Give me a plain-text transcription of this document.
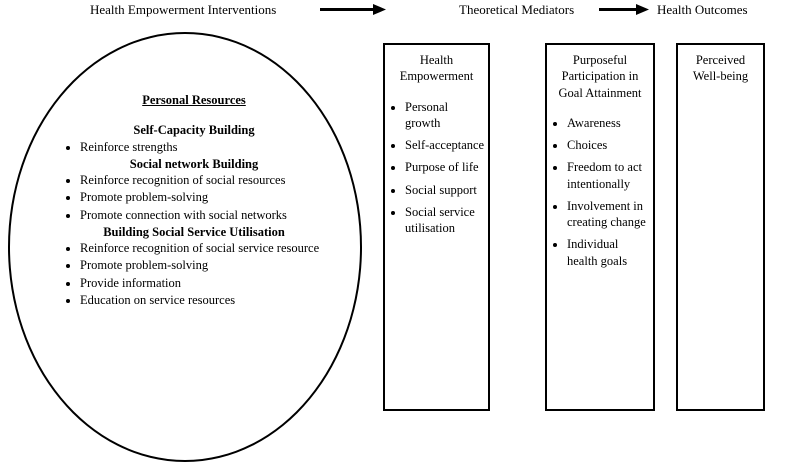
Health Empowerment Interventions	Theoretical Mediators	Health Outcomes
Personal Resources
Self-Capacity Building
• Reinforce strengths
Social network Building
• Reinforce recognition of social resources
• Promote problem-solving
• Promote connection with social networks
Building Social Service Utilisation
• Reinforce recognition of social service resource
• Promote problem-solving
• Provide information
• Education on service resources
Health Empowerment
• Personal growth
• Self-acceptance
• Purpose of life
• Social support
• Social service utilisation
Purposeful Participation in Goal Attainment
• Awareness
• Choices
• Freedom to act intentionally
• Involvement in creating change
• Individual health goals
Perceived Well-being
